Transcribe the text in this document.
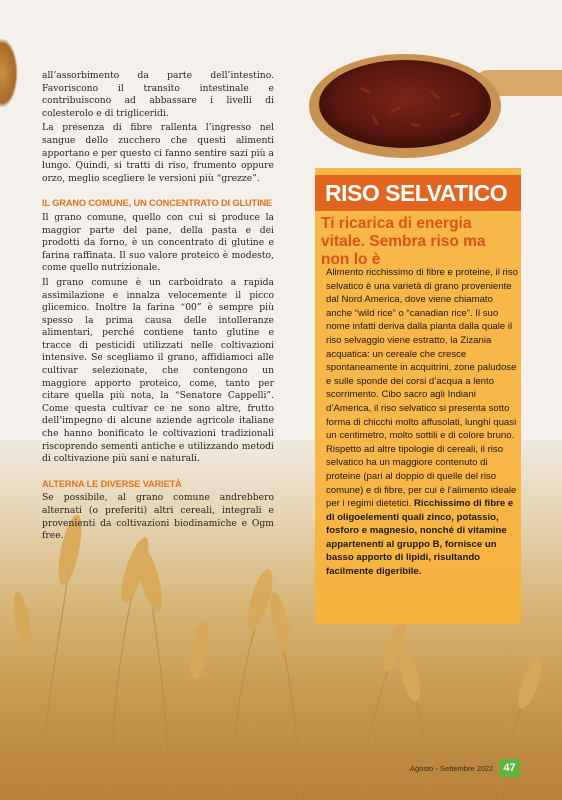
all’assorbimento da parte dell’intestino. Favoriscono il transito intestinale e contribuiscono ad abbassare i livelli di colesterolo e di trigliceridi.

La presenza di fibre rallenta l’ingresso nel sangue dello zucchero che questi alimenti apportano e per questo ci fanno sentire sazi più a lungo. Quindi, si tratti di riso, frumento oppure orzo, meglio scegliere le versioni più “grezze”.

IL GRANO COMUNE, UN CONCENTRATO DI GLUTINE

Il grano comune, quello con cui si produce la maggior parte del pane, della pasta e dei prodotti da forno, è un concentrato di glutine e farina raffinata. Il suo valore proteico è modesto, come quello nutrizionale.

Il grano comune è un carboidrato a rapida assimilazione e innalza velocemente il picco glicemico. Inoltre la farina “00” è sempre più spesso la prima causa delle intolleranze alimentari, perché contiene tanto glutine e tracce di pesticidi utilizzati nelle coltivazioni intensive. Se scegliamo il grano, affidiamoci alle cultivar selezionate, che contengono un maggiore apporto proteico, come, tanto per citare quella più nota, la “Senatore Cappelli”. Come questa cultivar ce ne sono altre, frutto dell’impegno di alcune aziende agricole italiane che hanno bonificato le coltivazioni tradizionali riscoprendo sementi antiche e utilizzando metodi di coltivazione più sani e naturali.

ALTERNA LE DIVERSE VARIETÀ

Se possibile, al grano comune andrebbero alternati (o preferiti) altri cereali, integrali e provenienti da coltivazioni biodinamiche e Ogm free.

RISO SELVATICO
Ti ricarica di energia vitale. Sembra riso ma non lo è
Alimento ricchissimo di fibre e proteine, il riso selvatico è una varietà di grano proveniente dal Nord America, dove viene chiamato anche “wild rice” o “canadian rice”. Il suo nome infatti deriva dalla pianta dalla quale il riso selvaggio viene estratto, la Zizania acquatica: un cereale che cresce spontaneamente in acquitrini, zone paludose e sulle sponde dei corsi d’acqua a lento scorrimento. Cibo sacro agli Indiani d’America, il riso selvatico si presenta sotto forma di chicchi molto affusolati, lunghi quasi un centimetro, molto sottili e di colore bruno. Rispetto ad altre tipologie di cereali, il riso selvatico ha un maggiore contenuto di proteine (pari al doppio di quelle del riso comune) e di fibre, per cui è l’alimento ideale per i regimi dietetici. Ricchissimo di fibre e di oligoelementi quali zinco, potassio, fosforo e magnesio, nonché di vitamine appartenenti al gruppo B, fornisce un basso apporto di lipidi, risultando facilmente digeribile.
Agosto - Settembre 2022 47
